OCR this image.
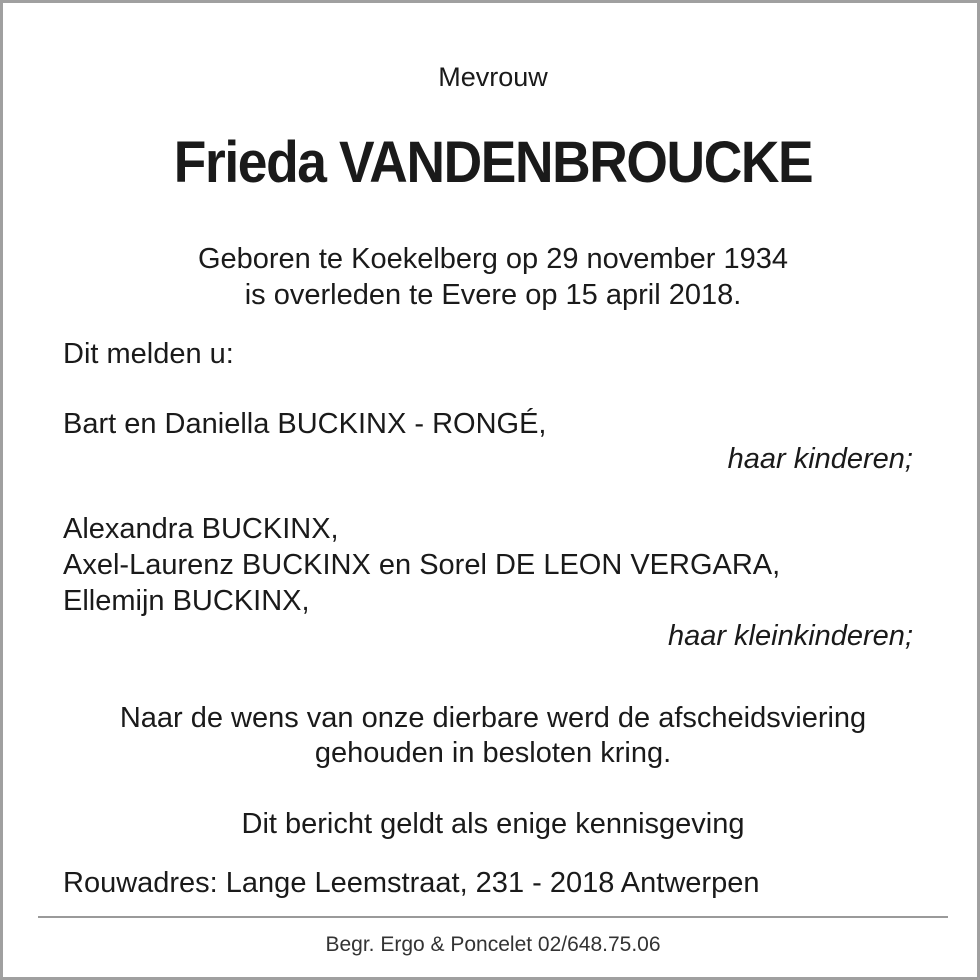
Mevrouw
Frieda VANDENBROUCKE
Geboren te Koekelberg op 29 november 1934
is overleden te Evere op 15 april 2018.
Dit melden u:
Bart en Daniella BUCKINX - RONGÉ,
haar kinderen;
Alexandra BUCKINX,
Axel-Laurenz BUCKINX en Sorel DE LEON VERGARA,
Ellemijn BUCKINX,
haar kleinkinderen;
Naar de wens van onze dierbare werd de afscheidsviering
gehouden in besloten kring.
Dit bericht geldt als enige kennisgeving
Rouwadres: Lange Leemstraat, 231 - 2018 Antwerpen
Begr. Ergo & Poncelet 02/648.75.06
